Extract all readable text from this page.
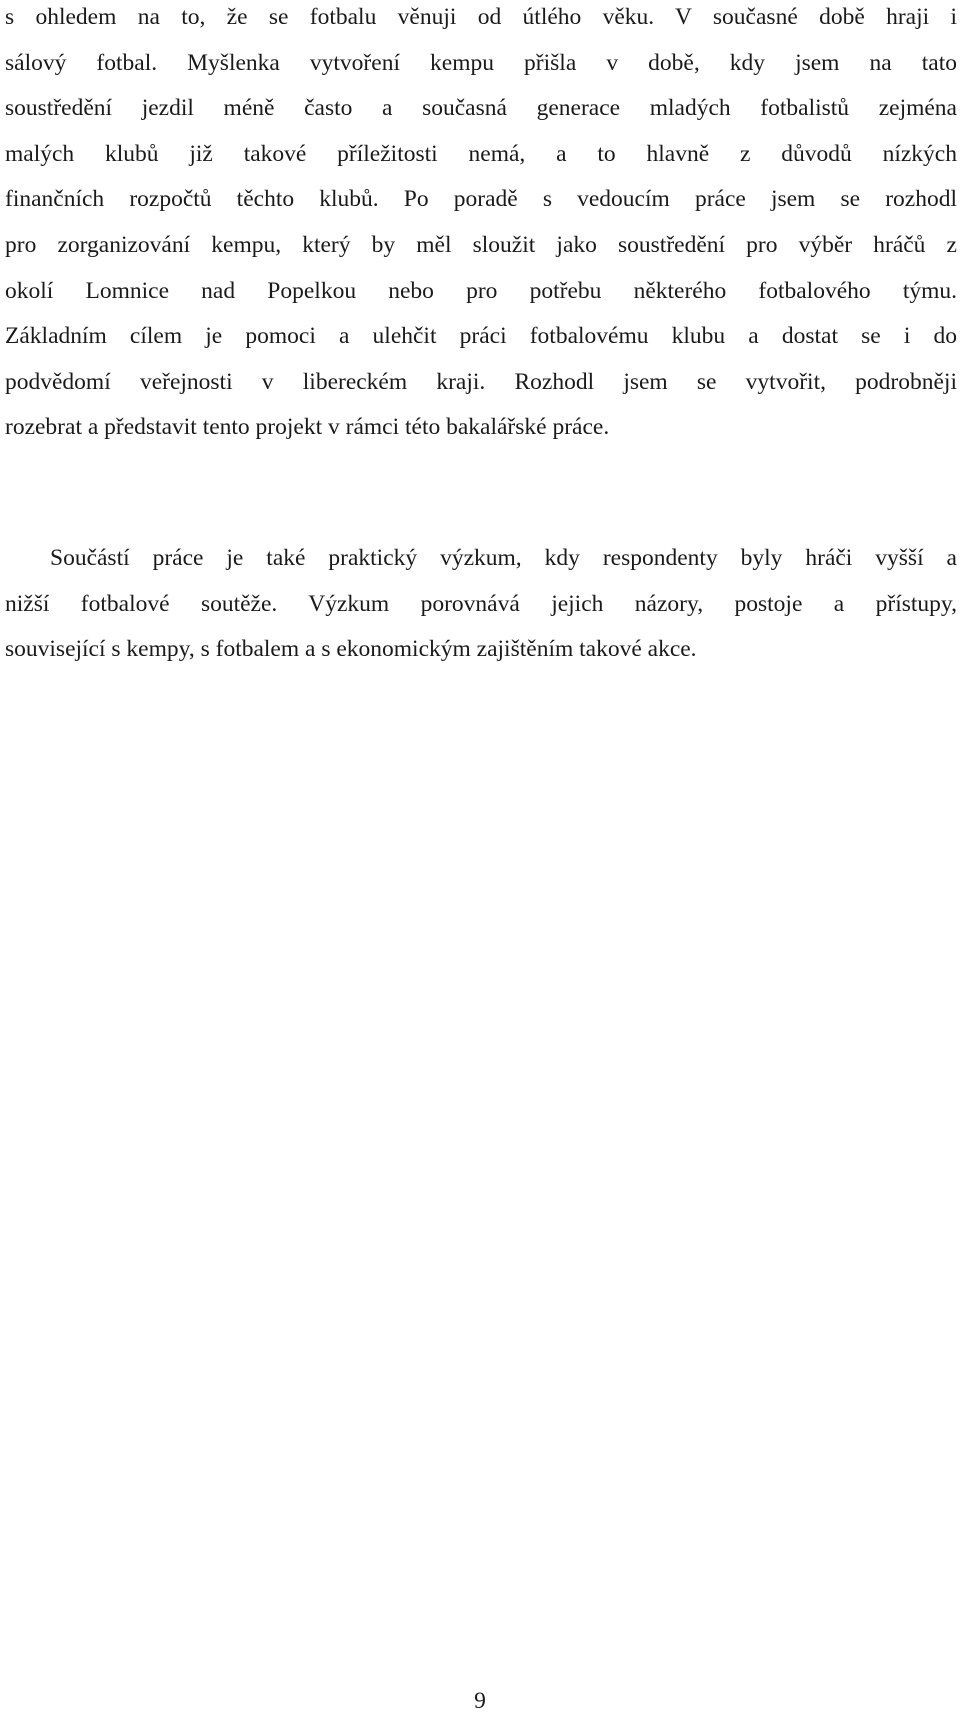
s ohledem na to, že se fotbalu věnuji od útlého věku. V současné době hraji i
sálový fotbal. Myšlenka vytvoření kempu přišla v době, kdy jsem na tato
soustředění jezdil méně často a současná generace mladých fotbalistů zejména
malých klubů již takové příležitosti nemá, a to hlavně z důvodů nízkých
finančních rozpočtů těchto klubů. Po poradě s vedoucím práce jsem se rozhodl
pro zorganizování kempu, který by měl sloužit jako soustředění pro výběr hráčů z
okolí Lomnice nad Popelkou nebo pro potřebu některého fotbalového týmu.
Základním cílem je pomoci a ulehčit práci fotbalovému klubu a dostat se i do
podvědomí veřejnosti v libereckém kraji. Rozhodl jsem se vytvořit, podrobněji
rozebrat a představit tento projekt v rámci této bakalářské práce.
Součástí práce je také praktický výzkum, kdy respondenty byly hráči vyšší a
nižší fotbalové soutěže. Výzkum porovnává jejich názory, postoje a přístupy,
související s kempy, s fotbalem a s ekonomickým zajištěním takové akce.
9
